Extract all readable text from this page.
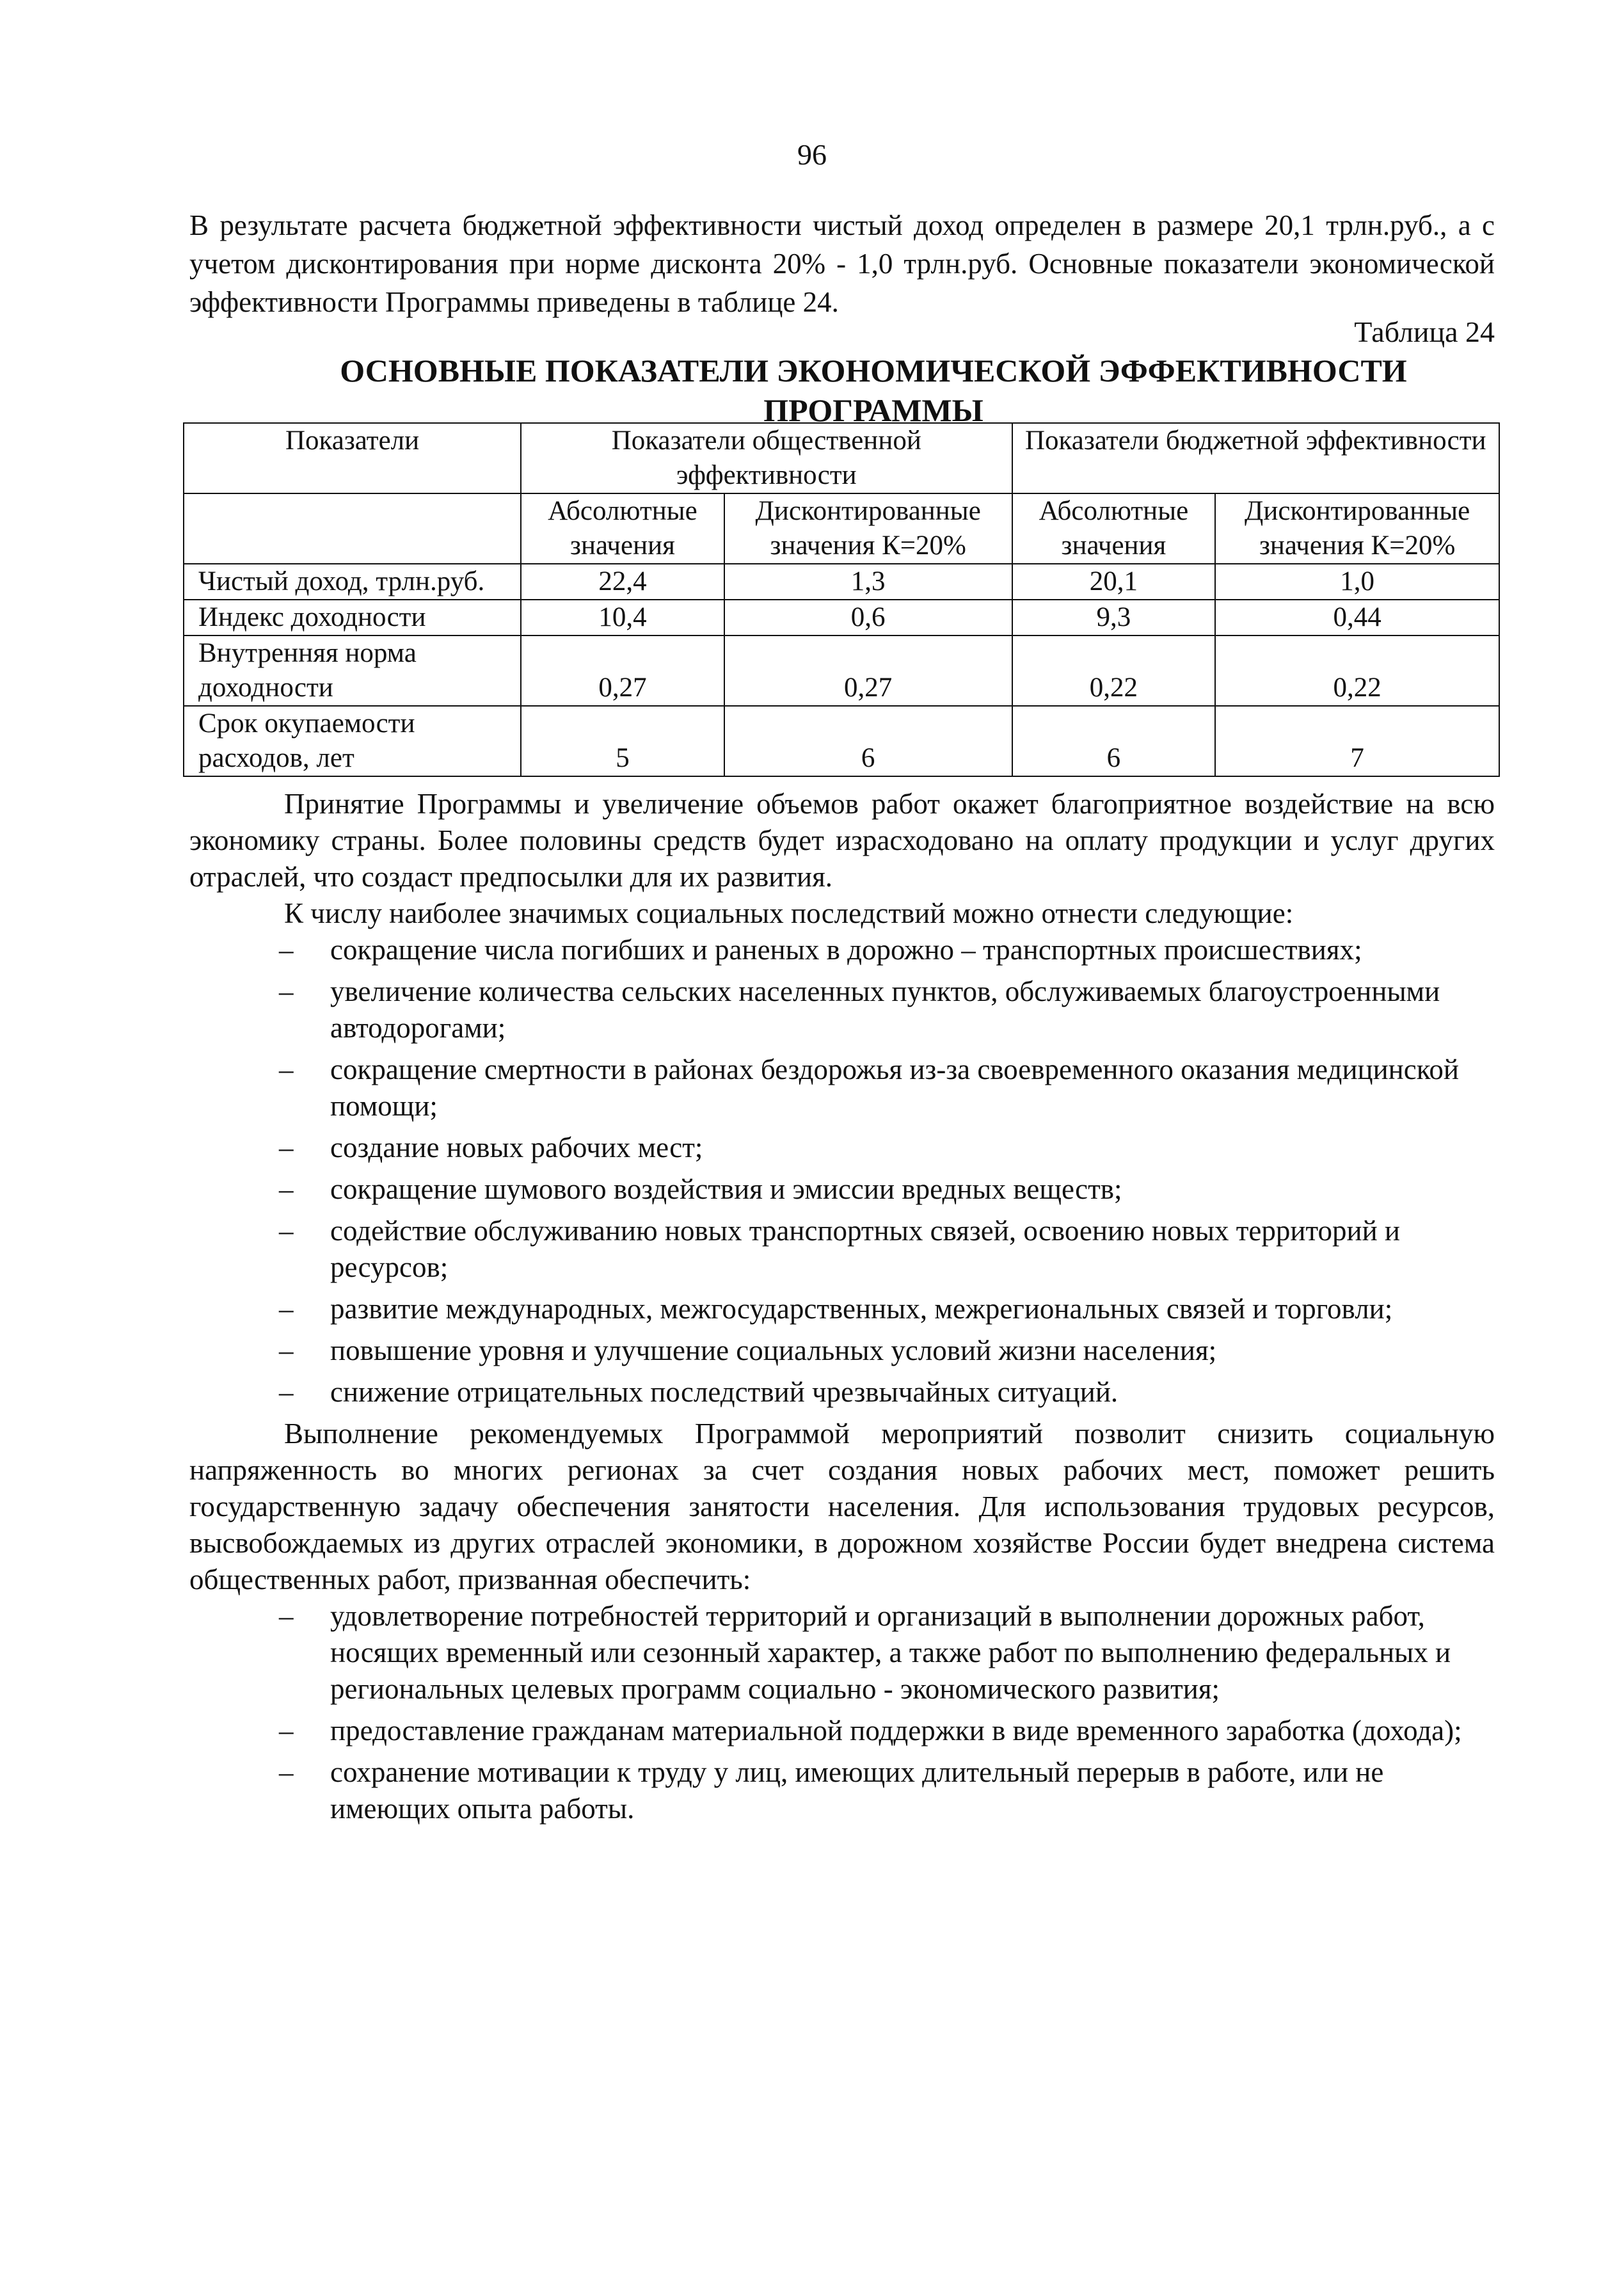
96

В результате расчета бюджетной эффективности чистый доход определен в размере 20,1 трлн.руб., а с учетом дисконтирования при норме дисконта 20% - 1,0 трлн.руб. Основные показатели экономической эффективности Программы приведены в таблице 24.

Таблица 24

ОСНОВНЫЕ ПОКАЗАТЕЛИ ЭКОНОМИЧЕСКОЙ ЭФФЕКТИВНОСТИ ПРОГРАММЫ

Показатели	Показатели общественной эффективности		Показатели бюджетной эффективности	
	Абсолютные значения	Дисконтированные значения К=20%	Абсолютные значения	Дисконтированные значения К=20%
Чистый доход, трлн.руб.	22,4	1,3	20,1	1,0
Индекс доходности	10,4	0,6	9,3	0,44
Внутренняя норма доходности	0,27	0,27	0,22	0,22
Срок окупаемости расходов, лет	5	6	6	7

Принятие Программы и увеличение объемов работ окажет благоприятное воздействие на всю экономику страны. Более половины средств будет израсходовано на оплату продукции и услуг других отраслей, что создаст предпосылки для их развития.

К числу наиболее значимых социальных последствий можно отнести следующие:

– сокращение числа погибших и раненых в дорожно – транспортных происшествиях;
– увеличение количества сельских населенных пунктов, обслуживаемых благоустроенными автодорогами;
– сокращение смертности в районах бездорожья из-за своевременного оказания медицинской помощи;
– создание новых рабочих мест;
– сокращение шумового воздействия и эмиссии вредных веществ;
– содействие обслуживанию новых транспортных связей, освоению новых территорий и ресурсов;
– развитие международных, межгосударственных, межрегиональных связей и торговли;
– повышение уровня и улучшение социальных условий жизни населения;
– снижение отрицательных последствий чрезвычайных ситуаций.

Выполнение рекомендуемых Программой мероприятий позволит снизить социальную напряженность во многих регионах за счет создания новых рабочих мест, поможет решить государственную задачу обеспечения занятости населения. Для использования трудовых ресурсов, высвобождаемых из других отраслей экономики, в дорожном хозяйстве России будет внедрена система общественных работ, призванная обеспечить:

– удовлетворение потребностей территорий и организаций в выполнении дорожных работ, носящих временный или сезонный характер, а также работ по выполнению федеральных и региональных целевых программ социально - экономического развития;
– предоставление гражданам материальной поддержки в виде временного заработка (дохода);
– сохранение мотивации к труду у лиц, имеющих длительный перерыв в работе, или не имеющих опыта работы.
